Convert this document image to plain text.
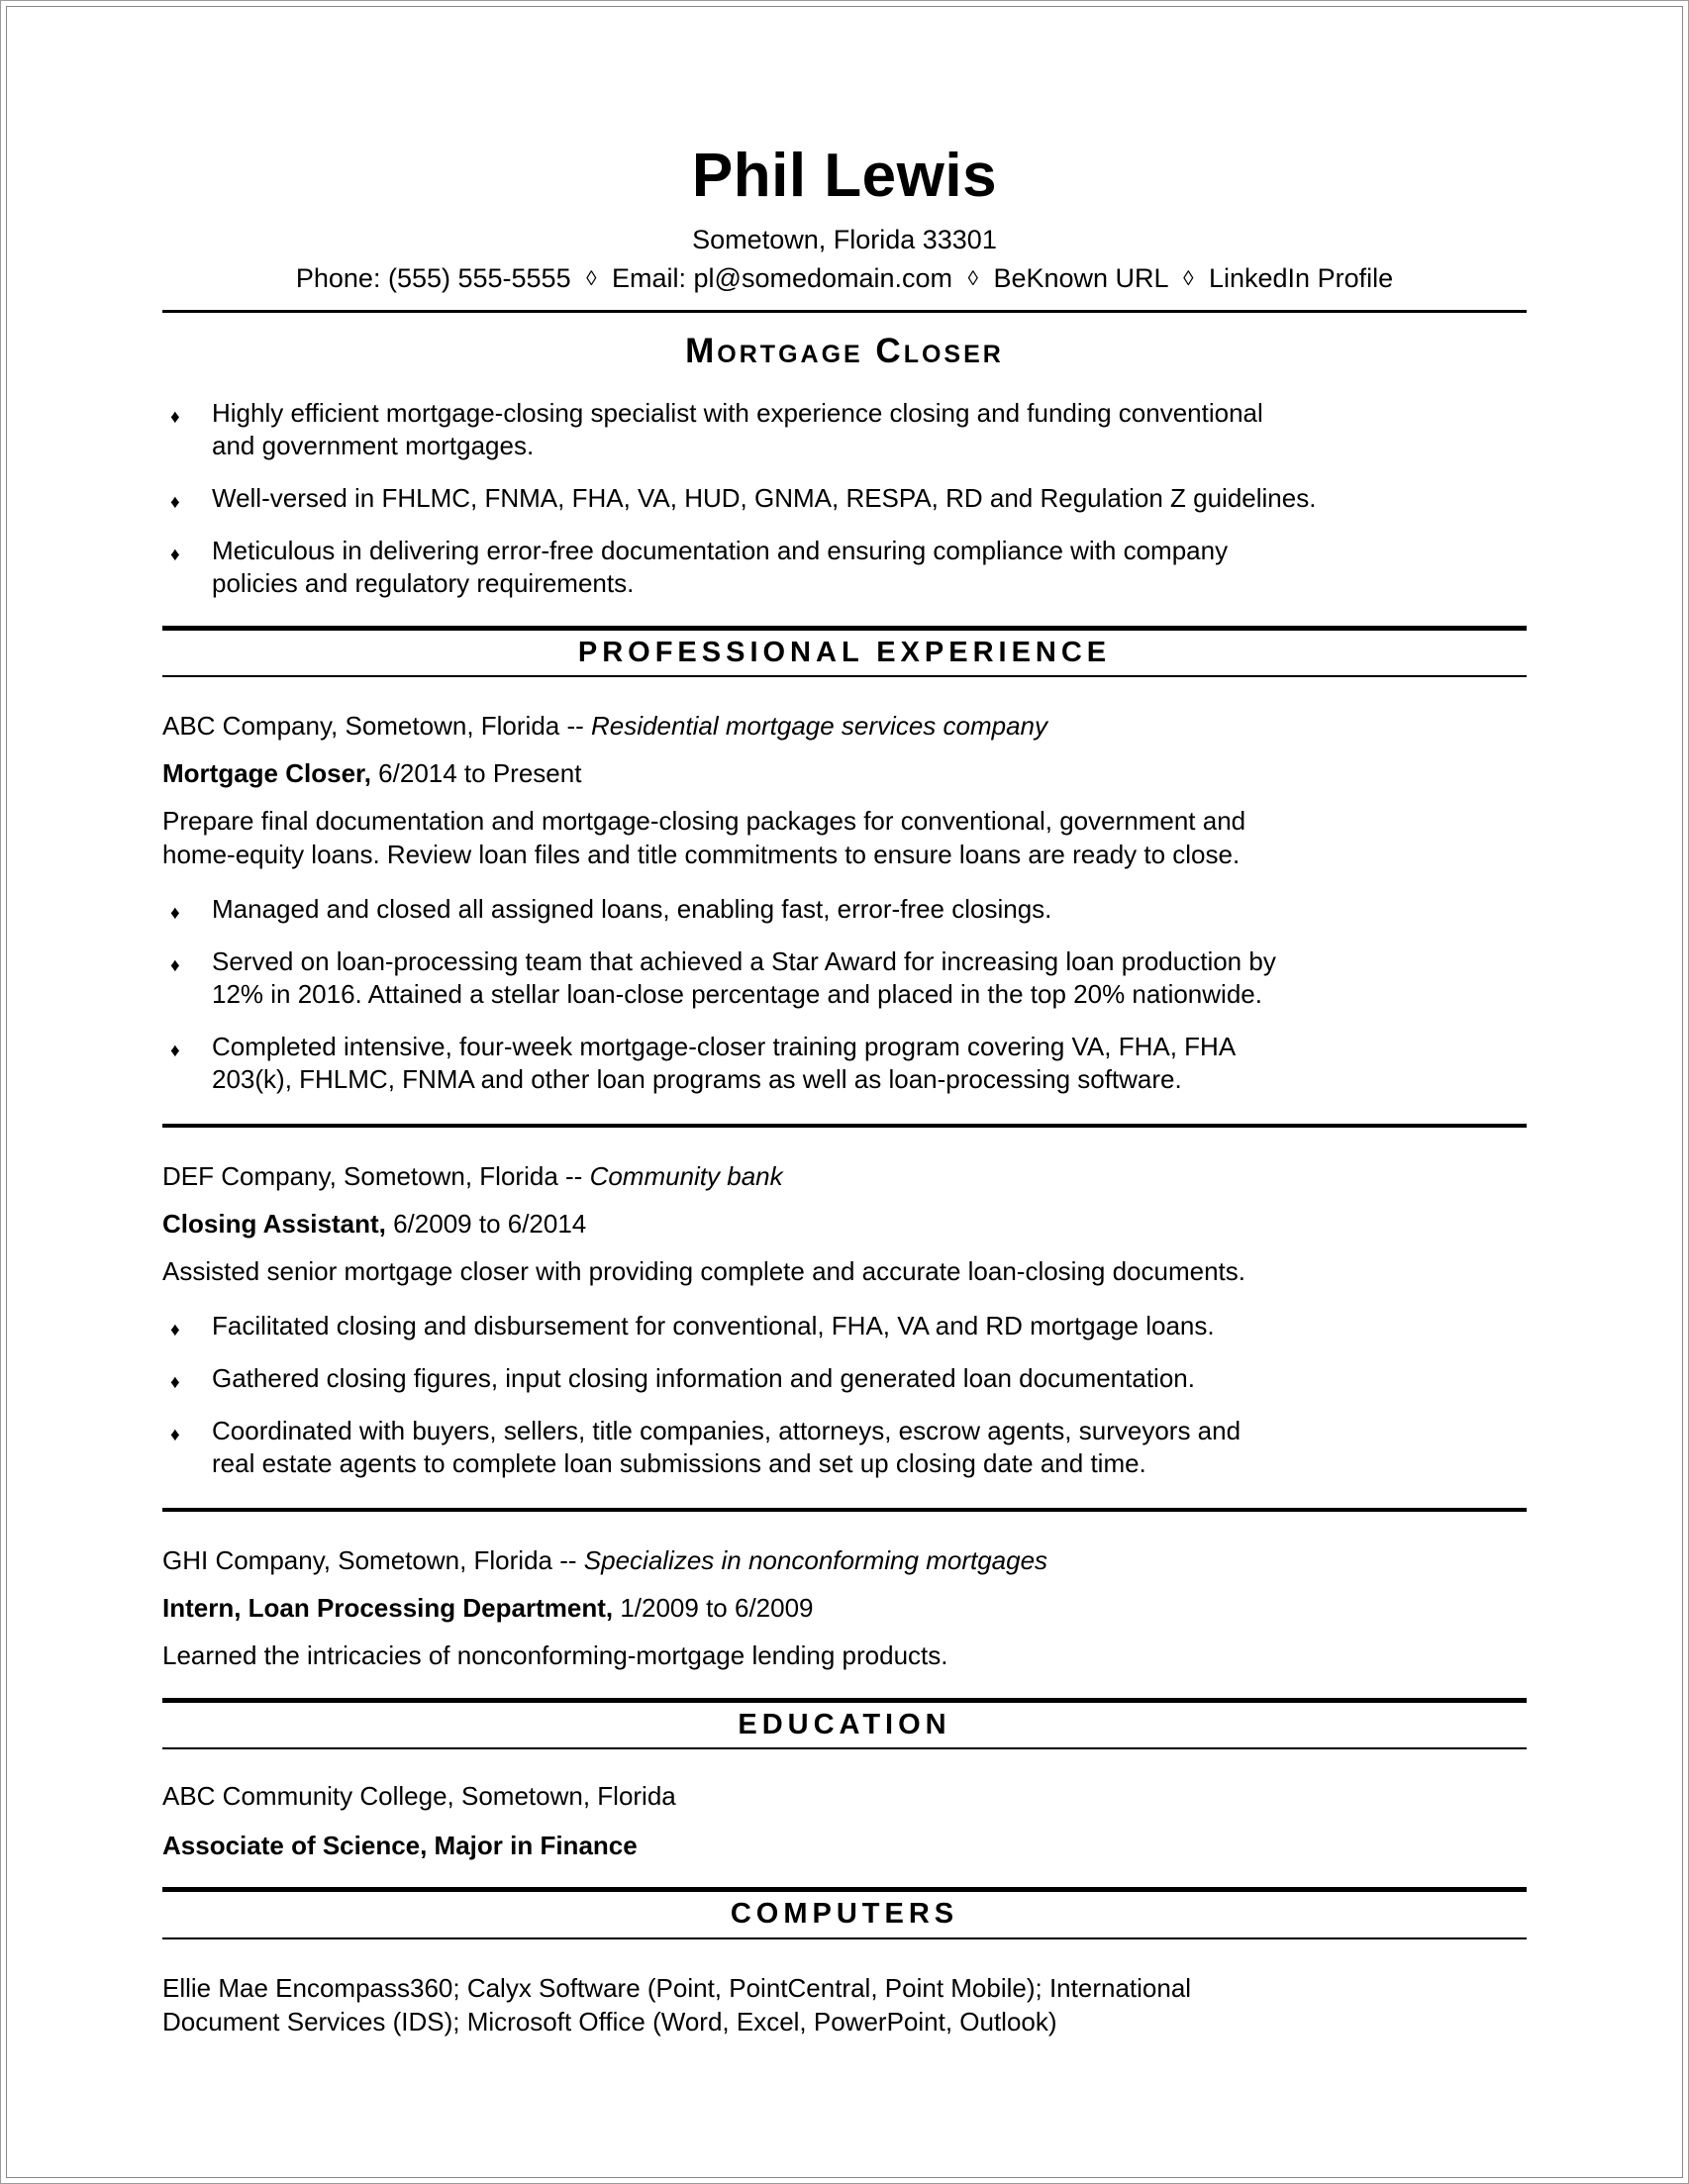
Phil Lewis
Sometown, Florida 33301
Phone: (555) 555-5555 ◊ Email: pl@somedomain.com ◊ BeKnown URL ◊ LinkedIn Profile
Mortgage Closer
♦ Highly efficient mortgage-closing specialist with experience closing and funding conventional
and government mortgages.
♦ Well-versed in FHLMC, FNMA, FHA, VA, HUD, GNMA, RESPA, RD and Regulation Z guidelines.
♦ Meticulous in delivering error-free documentation and ensuring compliance with company
policies and regulatory requirements.
PROFESSIONAL EXPERIENCE

ABC Company, Sometown, Florida -- Residential mortgage services company

Mortgage Closer, 6/2014 to Present

Prepare final documentation and mortgage-closing packages for conventional, government and
home-equity loans. Review loan files and title commitments to ensure loans are ready to close.

♦ Managed and closed all assigned loans, enabling fast, error-free closings.
♦ Served on loan-processing team that achieved a Star Award for increasing loan production by
12% in 2016. Attained a stellar loan-close percentage and placed in the top 20% nationwide.
♦ Completed intensive, four-week mortgage-closer training program covering VA, FHA, FHA
203(k), FHLMC, FNMA and other loan programs as well as loan-processing software.

DEF Company, Sometown, Florida -- Community bank

Closing Assistant, 6/2009 to 6/2014

Assisted senior mortgage closer with providing complete and accurate loan-closing documents.

♦ Facilitated closing and disbursement for conventional, FHA, VA and RD mortgage loans.
♦ Gathered closing figures, input closing information and generated loan documentation.
♦ Coordinated with buyers, sellers, title companies, attorneys, escrow agents, surveyors and
real estate agents to complete loan submissions and set up closing date and time.

GHI Company, Sometown, Florida -- Specializes in nonconforming mortgages

Intern, Loan Processing Department, 1/2009 to 6/2009

Learned the intricacies of nonconforming-mortgage lending products.

EDUCATION

ABC Community College, Sometown, Florida

Associate of Science, Major in Finance

COMPUTERS

Ellie Mae Encompass360; Calyx Software (Point, PointCentral, Point Mobile); International
Document Services (IDS); Microsoft Office (Word, Excel, PowerPoint, Outlook)
